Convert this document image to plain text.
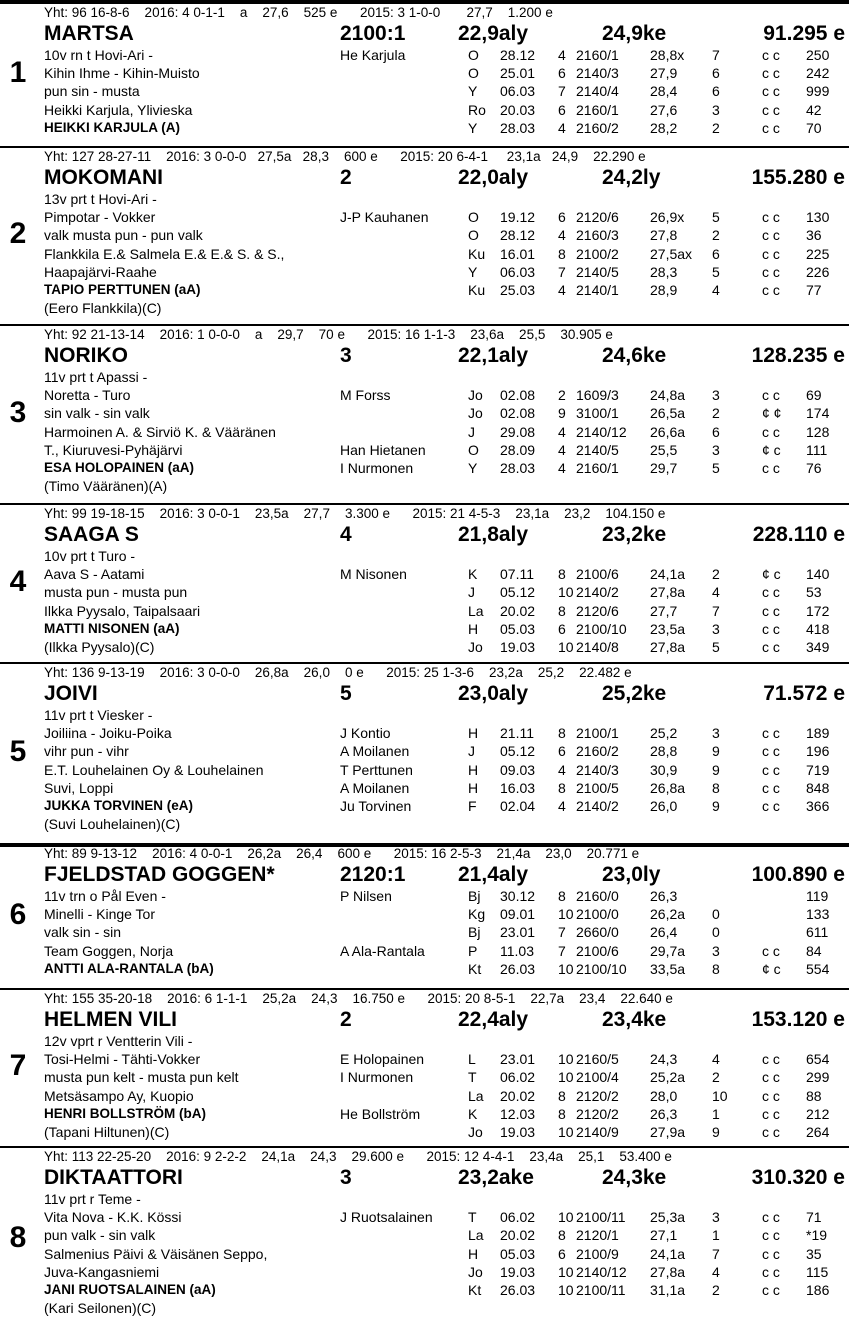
1
Yht: 96 16-8-6    2016: 4 0-1-1    a    27,6    525 e      2015: 3 1-0-0       27,7    1.200 e
MARTSA	2100:1	22,9aly	24,9ke	91.295 e
10v rn t Hovi-Ari -
Kihin Ihme - Kihin-Muisto
pun sin - musta
Heikki Karjula, Ylivieska
HEIKKI KARJULA (A)
He Karjula	O 28.12 4 2160/1 28,8x 7	c c 250
O 25.01 6 2140/3 27,9 6	c c 242
Y 06.03 7 2140/4 28,4 6	c c 999
Ro 20.03 6 2160/1 27,6 3	c c 42
Y 28.03 4 2160/2 28,2 2	c c 70
2
Yht: 127 28-27-11    2016: 3 0-0-0   27,5a   28,3    600 e      2015: 20 6-4-1     23,1a   24,9    22.290 e
MOKOMANI	2	22,0aly	24,2ly	155.280 e
13v prt t Hovi-Ari -
Pimpotar - Vokker
valk musta pun - pun valk
Flankkila E.& Salmela E.& E.& S. & S.,
Haapajärvi-Raahe
TAPIO PERTTUNEN (aA)
(Eero Flankkila)(C)
J-P Kauhanen	O 19.12 6 2120/6 26,9x 5	c c 130
O 28.12 4 2160/3 27,8 2	c c 36
Ku 16.01 8 2100/2 27,5ax 6	c c 225
Y 06.03 7 2140/5 28,3 5	c c 226
Ku 25.03 4 2140/1 28,9 4	c c 77
3
Yht: 92 21-13-14    2016: 1 0-0-0    a    29,7    70 e      2015: 16 1-1-3    23,6a    25,5    30.905 e
NORIKO	3	22,1aly	24,6ke	128.235 e
11v prt t Apassi -
Noretta - Turo
sin valk - sin valk
Harmoinen A. & Sirviö K. & Vääränen
T., Kiuruvesi-Pyhäjärvi
ESA HOLOPAINEN (aA)
(Timo Vääränen)(A)
M Forss	Jo 02.08 2 1609/3 24,8a 3	c c 69
Jo 02.08 9 3100/1 26,5a 2	¢ ¢ 174
J 29.08 4 2140/12 26,6a 6	c c 128
Han Hietanen	O 28.09 4 2140/5 25,5 3	¢ c 111
I Nurmonen	Y 28.03 4 2160/1 29,7 5	c c 76
4
Yht: 99 19-18-15    2016: 3 0-0-1    23,5a    27,7    3.300 e      2015: 21 4-5-3    23,1a    23,2    104.150 e
SAAGA S	4	21,8aly	23,2ke	228.110 e
10v prt t Turo -
Aava S - Aatami
musta pun - musta pun
Ilkka Pyysalo, Taipalsaari
MATTI NISONEN (aA)
(Ilkka Pyysalo)(C)
M Nisonen	K 07.11 8 2100/6 24,1a 2	¢ c 140
J 05.12 10 2140/2 27,8a 4	c c 53
La 20.02 8 2120/6 27,7 7	c c 172
H 05.03 6 2100/10 23,5a 3	c c 418
Jo 19.03 10 2140/8 27,8a 5	c c 349
5
Yht: 136 9-13-19    2016: 3 0-0-0    26,8a    26,0    0 e      2015: 25 1-3-6    23,2a    25,2    22.482 e
JOIVI	5	23,0aly	25,2ke	71.572 e
11v prt t Viesker -
Joiliina - Joiku-Poika
vihr pun - vihr
E.T. Louhelainen Oy & Louhelainen
Suvi, Loppi
JUKKA TORVINEN (eA)
(Suvi Louhelainen)(C)
J Kontio	H 21.11 8 2100/1 25,2 3	c c 189
A Moilanen	J 05.12 6 2160/2 28,8 9	c c 196
T Perttunen	H 09.03 4 2140/3 30,9 9	c c 719
A Moilanen	H 16.03 8 2100/5 26,8a 8	c c 848
Ju Torvinen	F 02.04 4 2140/2 26,0 9	c c 366
6
Yht: 89 9-13-12    2016: 4 0-0-1    26,2a    26,4    600 e      2015: 16 2-5-3    21,4a    23,0    20.771 e
FJELDSTAD GOGGEN*	2120:1	21,4aly	23,0ly	100.890 e
11v trn o Pål Even -
Minelli - Kinge Tor
valk sin - sin
Team Goggen, Norja
ANTTI ALA-RANTALA (bA)
P Nilsen	Bj 30.12 8 2160/0 26,3	119
Kg 09.01 10 2100/0 26,2a 0	133
Bj 23.01 7 2660/0 26,4 0	611
A Ala-Rantala	P 11.03 7 2100/6 29,7a 3	c c 84
Kt 26.03 10 2100/10 33,5a 8	¢ c 554
7
Yht: 155 35-20-18    2016: 6 1-1-1    25,2a    24,3    16.750 e      2015: 20 8-5-1    22,7a    23,4    22.640 e
HELMEN VILI	2	22,4aly	23,4ke	153.120 e
12v vprt r Ventterin Vili -
Tosi-Helmi - Tähti-Vokker
musta pun kelt - musta pun kelt
Metsäsampo Ay, Kuopio
HENRI BOLLSTRÖM (bA)
(Tapani Hiltunen)(C)
E Holopainen	L 23.01 10 2160/5 24,3 4	c c 654
I Nurmonen	T 06.02 10 2100/4 25,2a 2	c c 299
La 20.02 8 2120/2 28,0 10 c c 88
He Bollström	K 12.03 8 2120/2 26,3 1	c c 212
Jo 19.03 10 2140/9 27,9a 9	c c 264
8
Yht: 113 22-25-20    2016: 9 2-2-2    24,1a    24,3    29.600 e      2015: 12 4-4-1    23,4a    25,1    53.400 e
DIKTAATTORI	3	23,2ake	24,3ke	310.320 e
11v prt r Teme -
Vita Nova - K.K. Kössi
pun valk - sin valk
Salmenius Päivi & Väisänen Seppo,
Juva-Kangasniemi
JANI RUOTSALAINEN (aA)
(Kari Seilonen)(C)
J Ruotsalainen	T 06.02 10 2100/11 25,3a 3	c c 71
La 20.02 8 2120/1 27,1 1	c c *19
H 05.03 6 2100/9 24,1a 7	c c 35
Jo 19.03 10 2140/12 27,8a 4	c c 115
Kt 26.03 10 2100/11 31,1a 2	c c 186
